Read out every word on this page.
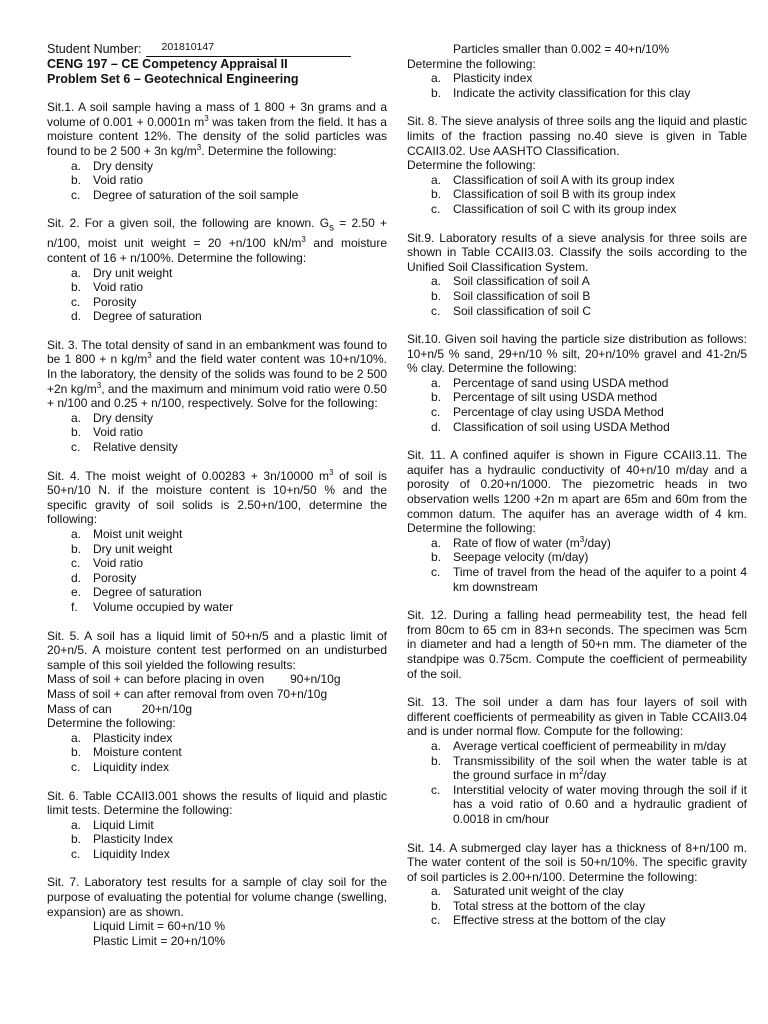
Student Number: 201810147
CENG 197 – CE Competency Appraisal II
Problem Set 6 – Geotechnical Engineering

Sit.1. A soil sample having a mass of 1 800 + 3n grams and a volume of 0.001 + 0.0001n $m^3$ was taken from the field. It has a moisture content 12%. The density of the solid particles was found to be 2 500 + 3n $kg/m^3$. Determine the following:

a. Dry density
b. Void ratio
c.	Degree of saturation of the soil sample

Sit. 2. For a given soil, the following are known. $G_s = 2.50 + n/100$, moist unit weight = 20 +n/100 $kN/m^3$ and moisture content of 16 + n/100%. Determine the following:

a. Dry unit weight
b. Void ratio
c.	Porosity
d. Degree of saturation

Sit. 3. The total density of sand in an embankment was found to be 1 800 + n $kg/m^3$ and the field water content was 10+n/10%. In the laboratory, the density of the solids was found to be 2 500 +2n $kg/m^3$, and the maximum and minimum void ratio were 0.50 + n/100 and 0.25 + n/100, respectively. Solve for the following:

a. Dry density
b. Void ratio
c.	Relative density

Sit. 4. The moist weight of 0.00283 + 3n/10000 $m^3$ of soil is 50+n/10 N. if the moisture content is 10+n/50 % and the specific gravity of soil solids is 2.50+n/100, determine the following:

a. Moist unit weight
b. Dry unit weight
c.	Void ratio
d. Porosity
e. Degree of saturation
f.	Volume occupied by water

Sit. 5. A soil has a liquid limit of 50+n/5 and a plastic limit of 20+n/5. A moisture content test performed on an undisturbed sample of this soil yielded the following results:

Mass of soil + can before placing in oven 90+n/10g

Mass of soil + can after removal from oven 70+n/10g

Mass of can	20+n/10g

Determine the following:

a. Plasticity index
b. Moisture content
c.	Liquidity index

Sit. 6. Table CCAII3.001 shows the results of liquid and plastic limit tests. Determine the following:

a. Liquid Limit
b. Plasticity Index
c.	Liquidity Index

Sit. 7. Laboratory test results for a sample of clay soil for the purpose of evaluating the potential for volume change (swelling, expansion) are as shown.

Liquid Limit = 60+n/10 %

Plastic Limit = 20+n/10%

Particles smaller than 0.002 = 40+n/10%

Determine the following:

a. Plasticity index
b. Indicate the activity classification for this clay

Sit. 8. The sieve analysis of three soils ang the liquid and plastic limits of the fraction passing no.40 sieve is given in Table CCAII3.02. Use AASHTO Classification.

Determine the following:

a. Classification of soil A with its group index
b. Classification of soil B with its group index
c.	Classification of soil C with its group index

Sit.9. Laboratory results of a sieve analysis for three soils are shown in Table CCAII3.03. Classify the soils according to the Unified Soil Classification System.

a. Soil classification of soil A
b. Soil classification of soil B
c.	Soil classification of soil C

Sit.10. Given soil having the particle size distribution as follows: 10+n/5 % sand, 29+n/10 % silt, 20+n/10% gravel and 41-2n/5 % clay. Determine the following:

a. Percentage of sand using USDA method
b. Percentage of silt using USDA method
c.	Percentage of clay using USDA Method
d. Classification of soil using USDA Method

Sit. 11. A confined aquifer is shown in Figure CCAII3.11. The aquifer has a hydraulic conductivity of 40+n/10 m/day and a porosity of 0.20+n/1000. The piezometric heads in two observation wells 1200 +2n m apart are 65m and 60m from the common datum. The aquifer has an average width of 4 km. Determine the following:

a. Rate of flow of water $(m^3/day)$
b. Seepage velocity (m/day)
c.	Time of travel from the head of the aquifer to a point 4 km downstream

Sit. 12. During a falling head permeability test, the head fell from 80cm to 65 cm in 83+n seconds. The specimen was 5cm in diameter and had a length of 50+n mm. The diameter of the standpipe was 0.75cm. Compute the coefficient of permeability of the soil.

Sit. 13. The soil under a dam has four layers of soil with different coefficients of permeability as given in Table CCAII3.04 and is under normal flow. Compute for the following:

a. Average vertical coefficient of permeability in m/day
b. Transmissibility of the soil when the water table is at the ground surface in $m^2$/day
c.	Interstitial velocity of water moving through the soil if it has a void ratio of 0.60 and a hydraulic gradient of 0.0018 in cm/hour

Sit. 14. A submerged clay layer has a thickness of 8+n/100 m. The water content of the soil is 50+n/10%. The specific gravity of soil particles is 2.00+n/100. Determine the following:

a. Saturated unit weight of the clay
b. Total stress at the bottom of the clay
c.	Effective stress at the bottom of the clay
